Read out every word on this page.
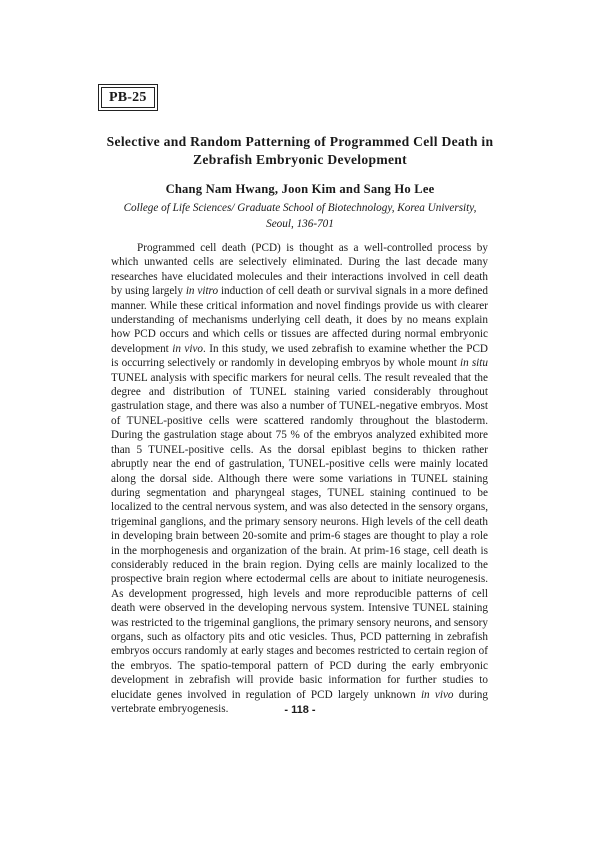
PB-25
Selective and Random Patterning of Programmed Cell Death in
Zebrafish Embryonic Development
Chang Nam Hwang, Joon Kim and Sang Ho Lee
College of Life Sciences/ Graduate School of Biotechnology, Korea University,
Seoul, 136-701

Programmed cell death (PCD) is thought as a well-controlled process by which unwanted cells are selectively eliminated. During the last decade many researches have elucidated molecules and their interactions involved in cell death by using largely in vitro induction of cell death or survival signals in a more defined manner. While these critical information and novel findings provide us with clearer understanding of mechanisms underlying cell death, it does by no means explain how PCD occurs and which cells or tissues are affected during normal embryonic development in vivo. In this study, we used zebrafish to examine whether the PCD is occurring selectively or randomly in developing embryos by whole mount in situ TUNEL analysis with specific markers for neural cells. The result revealed that the degree and distribution of TUNEL staining varied considerably throughout gastrulation stage, and there was also a number of TUNEL-negative embryos. Most of TUNEL-positive cells were scattered randomly throughout the blastoderm. During the gastrulation stage about 75 % of the embryos analyzed exhibited more than 5 TUNEL-positive cells. As the dorsal epiblast begins to thicken rather abruptly near the end of gastrulation, TUNEL-positive cells were mainly located along the dorsal side. Although there were some variations in TUNEL staining during segmentation and pharyngeal stages, TUNEL staining continued to be localized to the central nervous system, and was also detected in the sensory organs, trigeminal ganglions, and the primary sensory neurons. High levels of the cell death in developing brain between 20-somite and prim-6 stages are thought to play a role in the morphogenesis and organization of the brain. At prim-16 stage, cell death is considerably reduced in the brain region. Dying cells are mainly localized to the prospective brain region where ectodermal cells are about to initiate neurogenesis. As development progressed, high levels and more reproducible patterns of cell death were observed in the developing nervous system. Intensive TUNEL staining was restricted to the trigeminal ganglions, the primary sensory neurons, and sensory organs, such as olfactory pits and otic vesicles. Thus, PCD patterning in zebrafish embryos occurs randomly at early stages and becomes restricted to certain region of the embryos. The spatio-temporal pattern of PCD during the early embryonic development in zebrafish will provide basic information for further studies to elucidate genes involved in regulation of PCD largely unknown in vivo during vertebrate embryogenesis.	- 118 -
